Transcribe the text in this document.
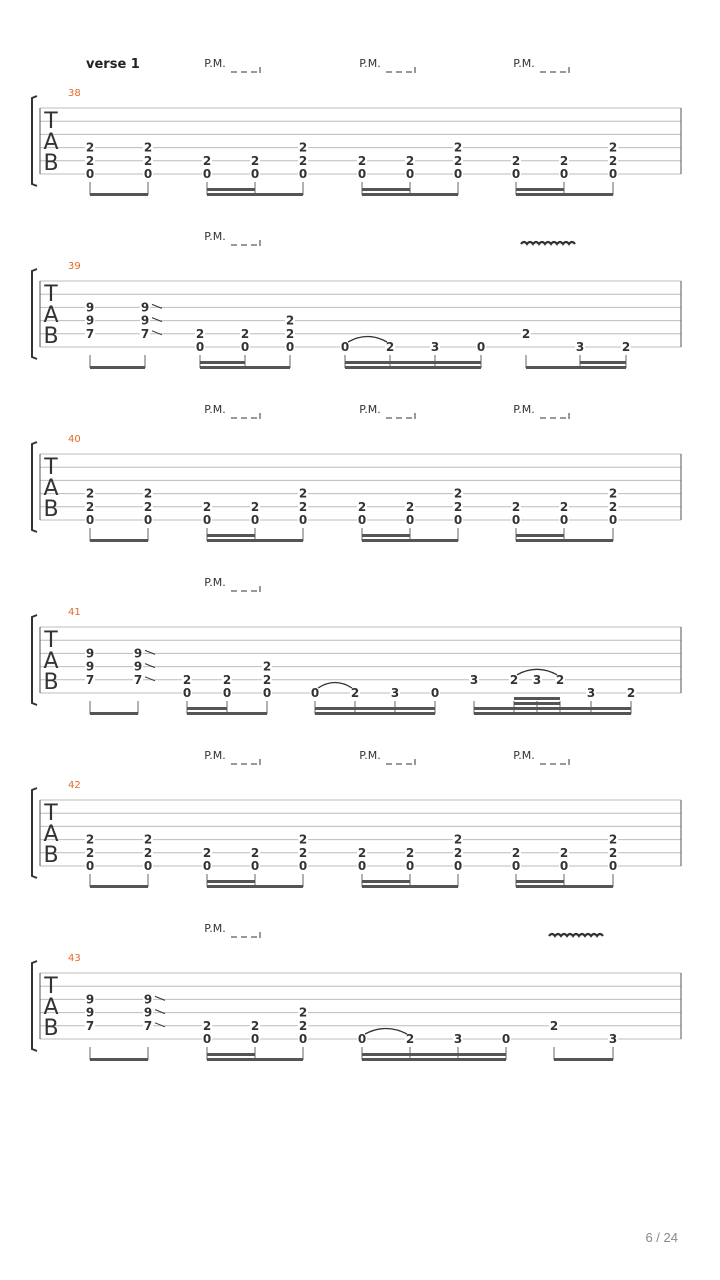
verse 1
38
T
A
B
P.M.	P.M.	P.M.
2
2
0
2
2
0
2
0
2
0
2
2
0
2
0
2
0
2
2
0
2
0
2
0
2
2
0
39
T
A
B
P.M.
9
9
7
9
9
7	2
0
2
0
2
2
0	0	2	3	0
2
3	2
40
T
A
B
P.M.	P.M.	P.M.
2
2
0
2
2
0
2
0
2
0
2
2
0
2
0
2
0
2
2
0
2
0
2
0
2
2
0
41
T
A
B
P.M.
9
9
7
9
9
7	2
0
2
0
2
2
0	0	2	3	0
3	2 3 2
3	2
42
T
A
B
P.M.	P.M.	P.M.
2
2
0
2
2
0
2
0
2
0
2
2
0
2
0
2
0
2
2
0
2
0
2
0
2
2
0
43
T
A
B
P.M.
9
9
7
9
9
7	2
0
2
0
2
2
0	0	2	3	0
2
3
6 / 24
